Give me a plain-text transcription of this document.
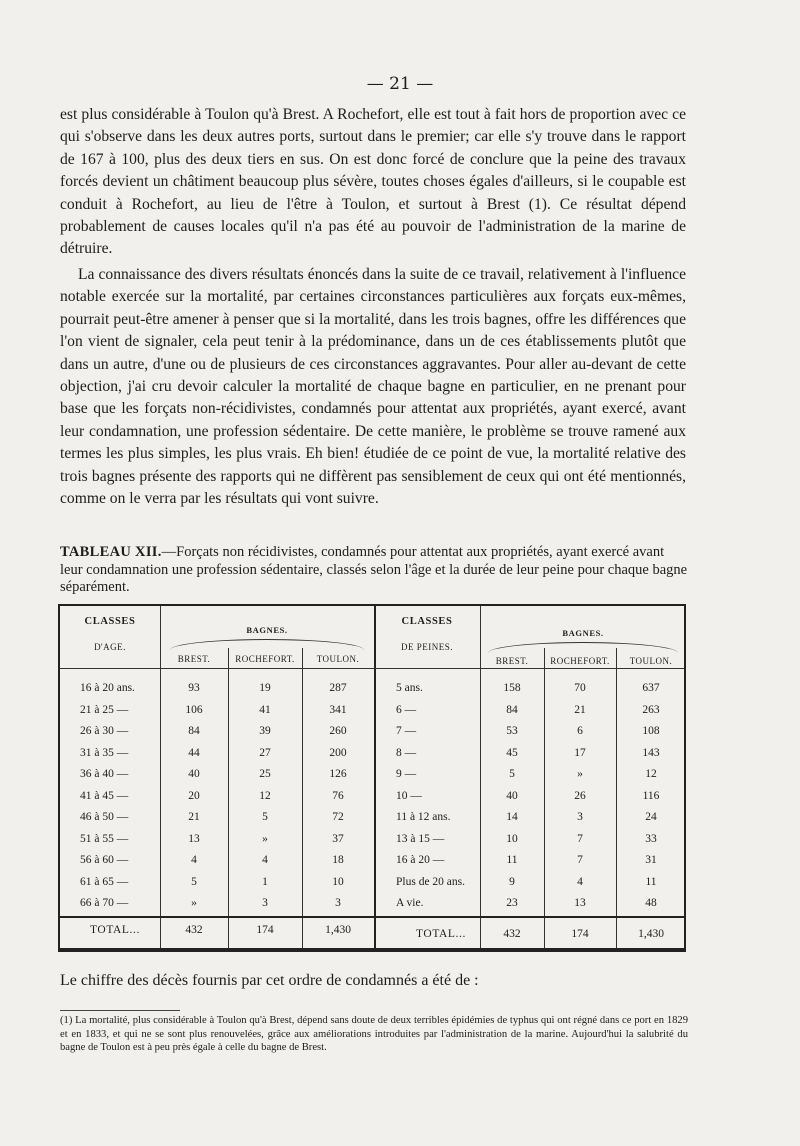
— 21 —

est plus considérable à Toulon qu'à Brest. A Rochefort, elle est tout à fait hors de proportion avec ce qui s'observe dans les deux autres ports, surtout dans le premier; car elle s'y trouve dans le rapport de 167 à 100, plus des deux tiers en sus. On est donc forcé de conclure que la peine des travaux forcés devient un châtiment beaucoup plus sévère, toutes choses égales d'ailleurs, si le coupable est conduit à Rochefort, au lieu de l'être à Toulon, et surtout à Brest (1). Ce résultat dépend probablement de causes locales qu'il n'a pas été au pouvoir de l'administration de la marine de détruire.

La connaissance des divers résultats énoncés dans la suite de ce travail, relativement à l'influence notable exercée sur la mortalité, par certaines circonstances particulières aux forçats eux-mêmes, pourrait peut-être amener à penser que si la mortalité, dans les trois bagnes, offre les différences que l'on vient de signaler, cela peut tenir à la prédominance, dans un de ces établissements plutôt que dans un autre, d'une ou de plusieurs de ces circonstances aggravantes. Pour aller au-devant de cette objection, j'ai cru devoir calculer la mortalité de chaque bagne en particulier, en ne prenant pour base que les forçats non-récidivistes, condamnés pour attentat aux propriétés, ayant exercé, avant leur condamnation, une profession sédentaire. De cette manière, le problème se trouve ramené aux termes les plus simples, les plus vrais. Eh bien! étudiée de ce point de vue, la mortalité relative des trois bagnes présente des rapports qui ne diffèrent pas sensiblement de ceux qui ont été mentionnés, comme on le verra par les résultats qui vont suivre.

TABLEAU XII.—Forçats non récidivistes, condamnés pour attentat aux propriétés, ayant exercé avant leur condamnation une profession sédentaire, classés selon l'âge et la durée de leur peine pour chaque bagne séparément.

CLASSES
D'AGE.
BAGNES.
BREST.	ROCHEFORT.	TOULON.
CLASSES
DE PEINES.
BAGNES.
BREST.	ROCHEFORT.	TOULON.
16 à 20 ans.	93	19	287
21 à 25 —	106	41	341
26 à 30 —	84	39	260
31 à 35 —	44	27	200
36 à 40 —	40	25	126
41 à 45 —	20	12	76
46 à 50 —	21	5	72
51 à 55 —	13	»	37
56 à 60 —	4	4	18
61 à 65 —	5	1	10
66 à 70 —	»	3	3
5 ans.	158	70	637
6 —	84	21	263
7 —	53	6	108
8 —	45	17	143
9 —	5	»	12
10 —	40	26	116
11 à 12 ans.	14	3	24
13 à 15 —	10	7	33
16 à 20 —	11	7	31
Plus de 20 ans.	9	4	11
A vie.	23	13	48
TOTAL...	432	174	1,430	TOTAL...	432	174	1,430
Le chiffre des décès fournis par cet ordre de condamnés a été de :

(1) La mortalité, plus considérable à Toulon qu'à Brest, dépend sans doute de deux terribles épidémies de typhus qui ont régné dans ce port en 1829 et en 1833, et qui ne se sont plus renouvelées, grâce aux améliorations introduites par l'administration de la marine. Aujourd'hui la salubrité du bagne de Toulon est à peu près égale à celle du bagne de Brest.
